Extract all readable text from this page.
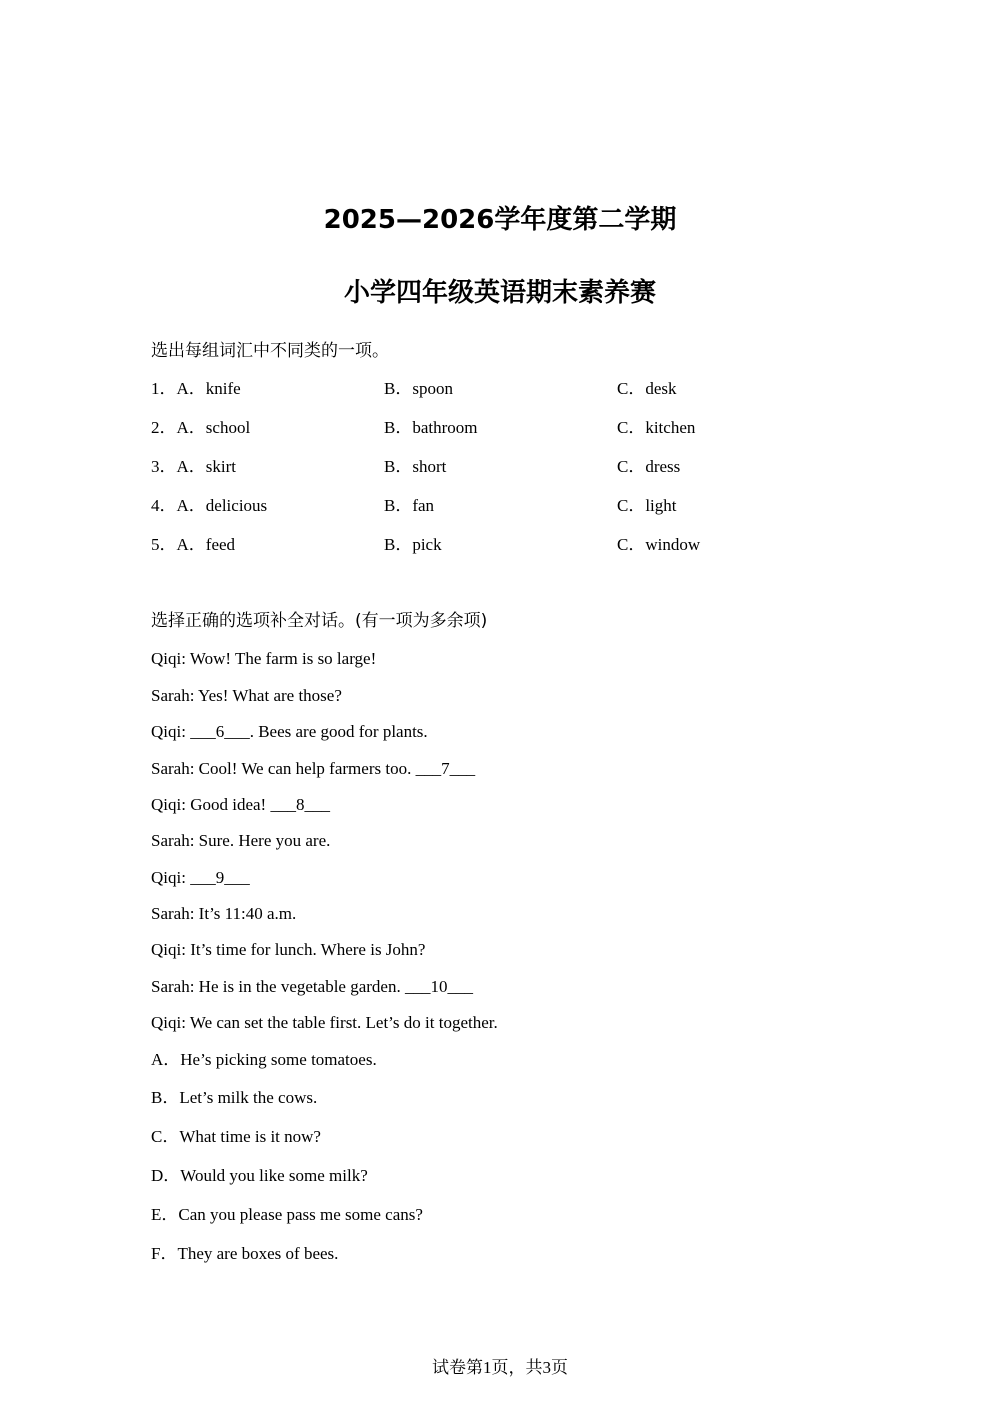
2025—2026学年度第二学期
小学四年级英语期末素养赛

选出每组词汇中不同类的一项。

1．A．knife	B．spoon	C．desk
2．A．school	B．bathroom	C．kitchen
3．A．skirt	B．short	C．dress
4．A．delicious	B．fan	C．light
5．A．feed	B．pick	C．window

选择正确的选项补全对话。(有一项为多余项)

Qiqi: Wow! The farm is so large!
Sarah: Yes! What are those?
Qiqi: ___6___. Bees are good for plants.
Sarah: Cool! We can help farmers too. ___7___
Qiqi: Good idea! ___8___
Sarah: Sure. Here you are.
Qiqi: ___9___
Sarah: It’s 11:40 a.m.
Qiqi: It’s time for lunch. Where is John?
Sarah: He is in the vegetable garden. ___10___
Qiqi: We can set the table first. Let’s do it together.
A．He’s picking some tomatoes.
B．Let’s milk the cows.
C．What time is it now?
D．Would you like some milk?
E．Can you please pass me some cans?
F．They are boxes of bees.
试卷第1页，共3页
